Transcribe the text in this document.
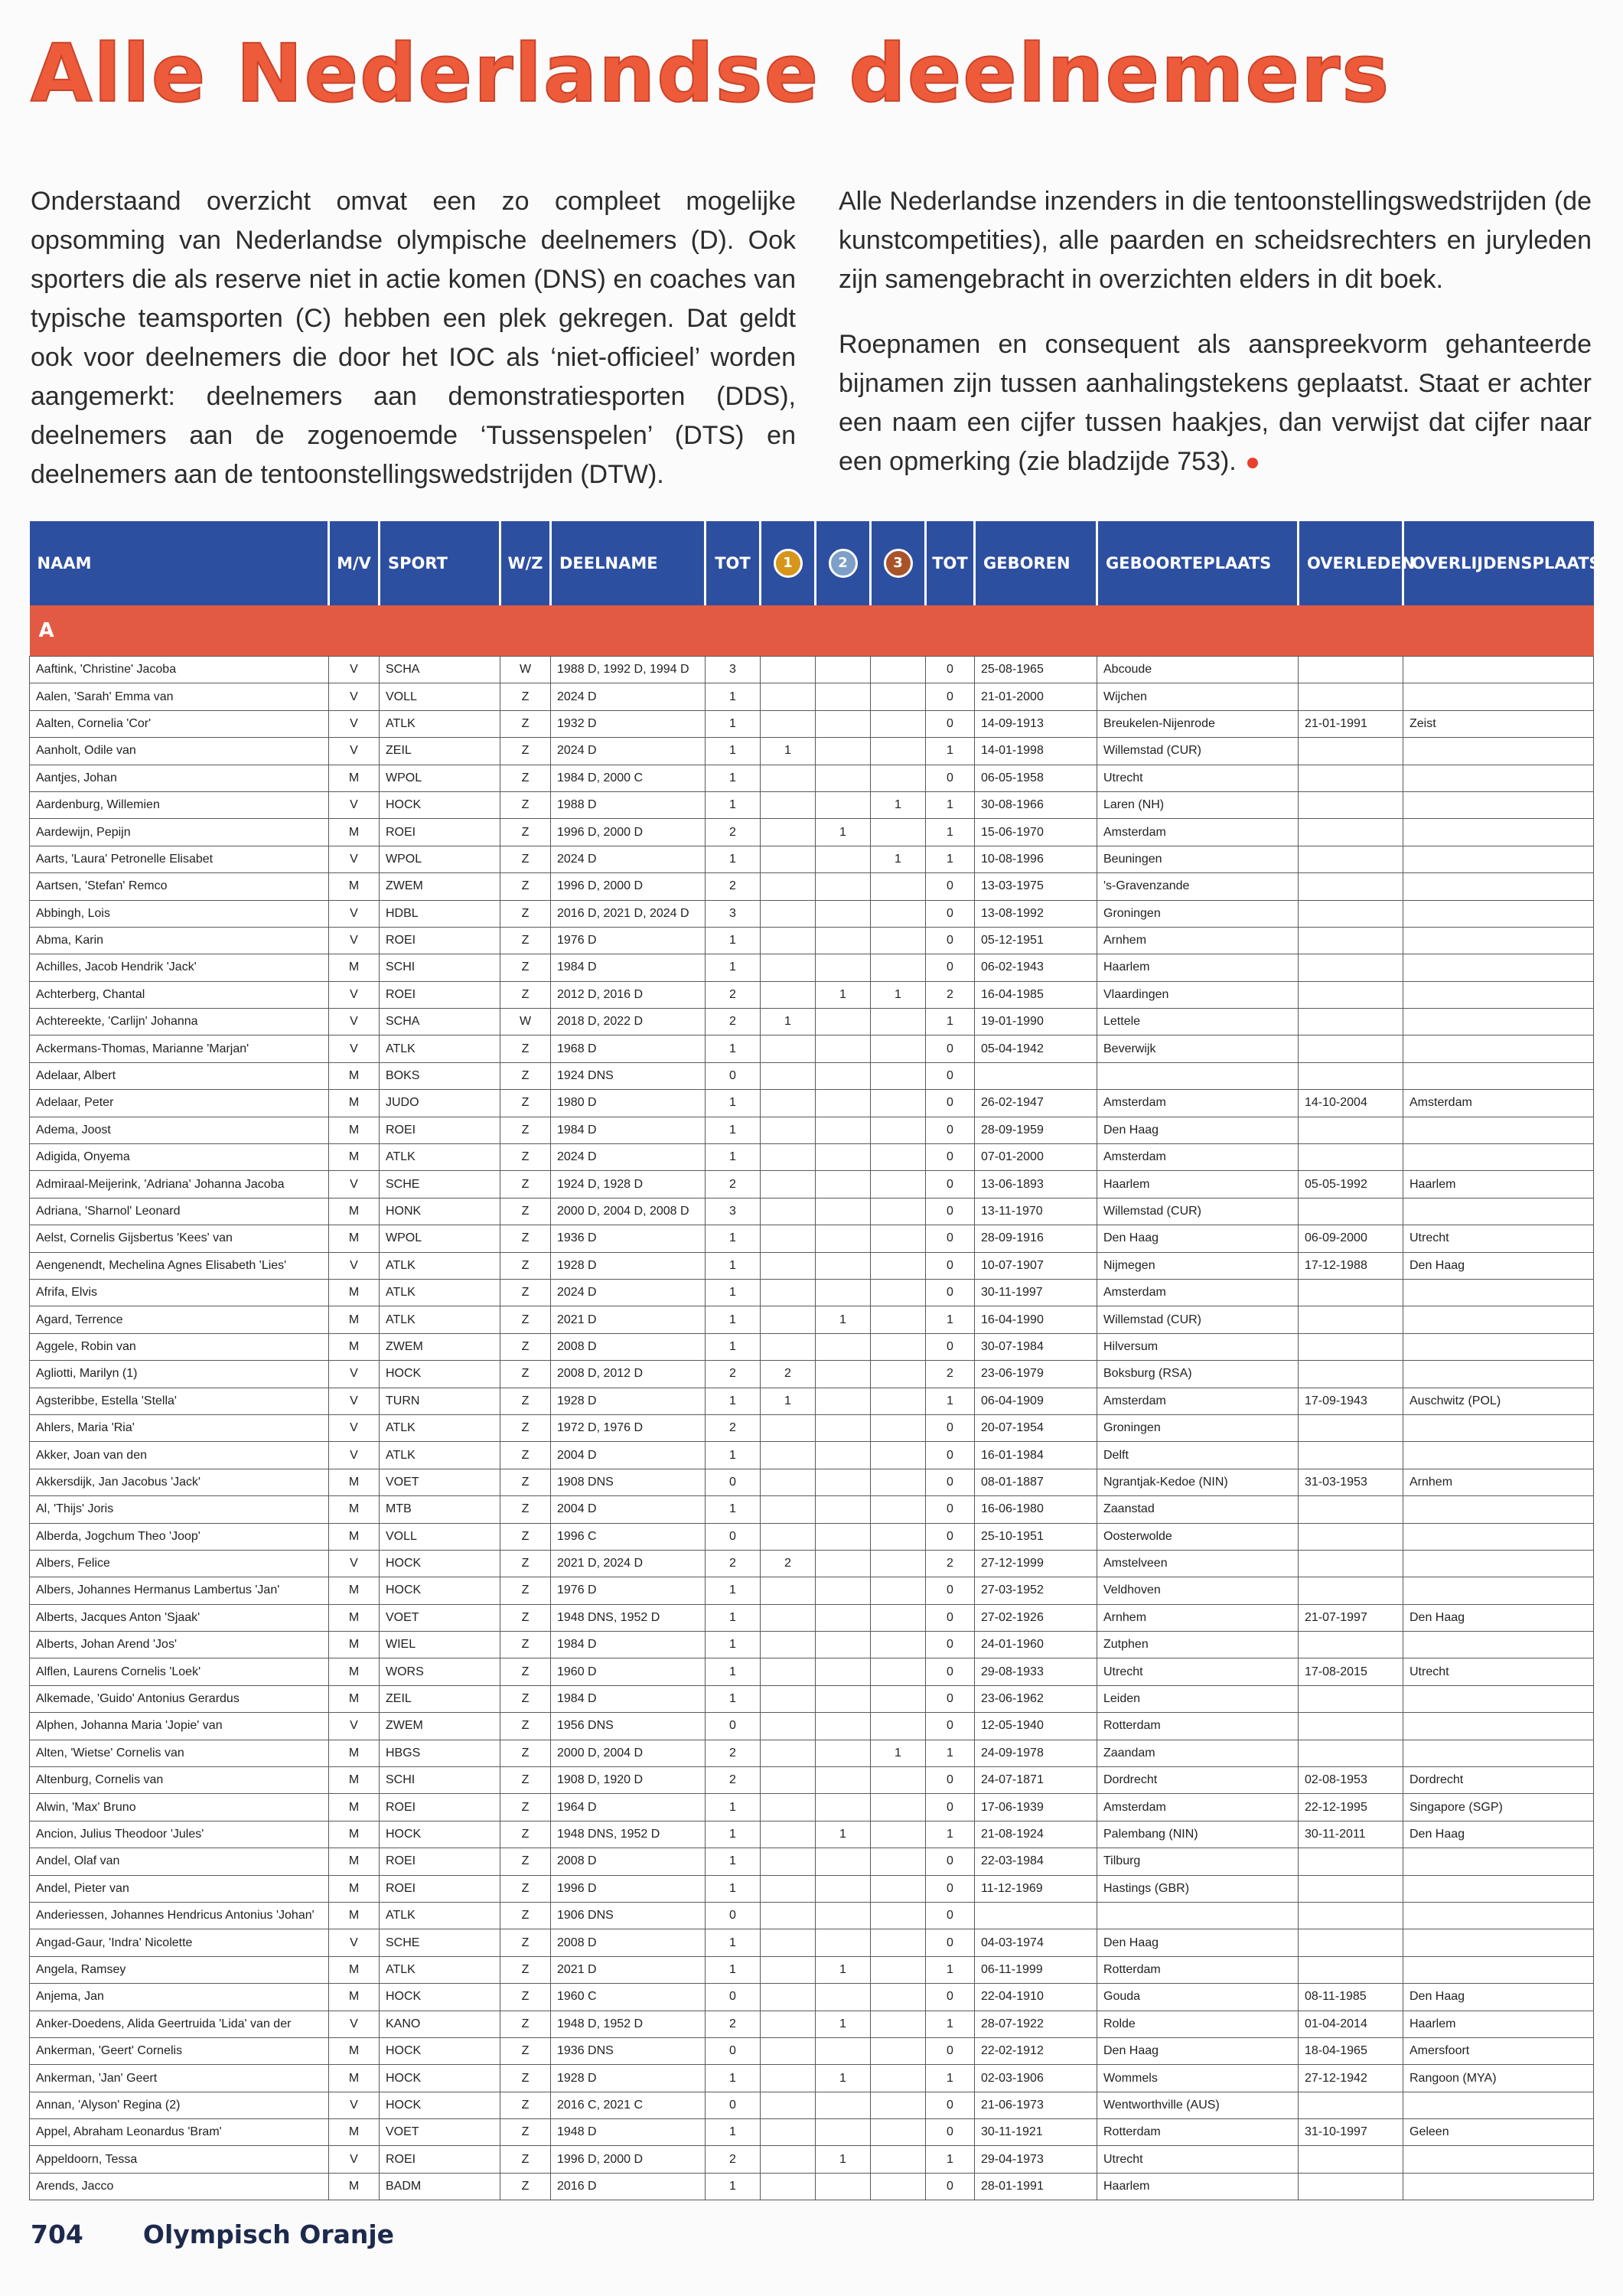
Alle Nederlandse deelnemers

Onderstaand overzicht omvat een zo compleet mogelijke opsomming van Nederlandse olympische deelnemers (D). Ook sporters die als reserve niet in actie komen (DNS) en coaches van typische teamsporten (C) hebben een plek gekregen. Dat geldt ook voor deelnemers die door het IOC als ‘niet-officieel’ worden aangemerkt: deelnemers aan demonstratiesporten (DDS), deelnemers aan de zogenoemde ‘Tussenspelen’ (DTS) en deelnemers aan de tentoonstellingswedstrijden (DTW).

Alle Nederlandse inzenders in die tentoonstellingswedstrijden (de kunstcompetities), alle paarden en scheidsrechters en juryleden zijn samengebracht in overzichten elders in dit boek.

Roepnamen en consequent als aanspreekvorm gehanteerde bijnamen zijn tussen aanhalingstekens geplaatst. Staat er achter een naam een cijfer tussen haakjes, dan verwijst dat cijfer naar een opmerking (zie bladzijde 753).

NAAM	M/V	SPORT	W/Z	DEELNAME	TOT	1	2	3	TOT	GEBOREN	GEBOORTEPLAATS	OVERLEDEN	OVERLIJDENSPLAATS
A													
Aaftink, 'Christine' Jacoba	V	SCHA	W	1988 D, 1992 D, 1994 D	3				0	25-08-1965	Abcoude		
Aalen, 'Sarah' Emma van	V	VOLL	Z	2024 D	1				0	21-01-2000	Wijchen		
Aalten, Cornelia 'Cor'	V	ATLK	Z	1932 D	1				0	14-09-1913	Breukelen-Nijenrode	21-01-1991	Zeist
Aanholt, Odile van	V	ZEIL	Z	2024 D	1	1			1	14-01-1998	Willemstad (CUR)		
Aantjes, Johan	M	WPOL	Z	1984 D, 2000 C	1				0	06-05-1958	Utrecht		
Aardenburg, Willemien	V	HOCK	Z	1988 D	1			1	1	30-08-1966	Laren (NH)		
Aardewijn, Pepijn	M	ROEI	Z	1996 D, 2000 D	2		1		1	15-06-1970	Amsterdam		
Aarts, 'Laura' Petronelle Elisabet	V	WPOL	Z	2024 D	1			1	1	10-08-1996	Beuningen		
Aartsen, 'Stefan' Remco	M	ZWEM	Z	1996 D, 2000 D	2				0	13-03-1975	's-Gravenzande		
Abbingh, Lois	V	HDBL	Z	2016 D, 2021 D, 2024 D	3				0	13-08-1992	Groningen		
Abma, Karin	V	ROEI	Z	1976 D	1				0	05-12-1951	Arnhem		
Achilles, Jacob Hendrik 'Jack'	M	SCHI	Z	1984 D	1				0	06-02-1943	Haarlem		
Achterberg, Chantal	V	ROEI	Z	2012 D, 2016 D	2		1	1	2	16-04-1985	Vlaardingen		
Achtereekte, 'Carlijn' Johanna	V	SCHA	W	2018 D, 2022 D	2	1			1	19-01-1990	Lettele		
Ackermans-Thomas, Marianne 'Marjan'	V	ATLK	Z	1968 D	1				0	05-04-1942	Beverwijk		
Adelaar, Albert	M	BOKS	Z	1924 DNS	0				0				
Adelaar, Peter	M	JUDO	Z	1980 D	1				0	26-02-1947	Amsterdam	14-10-2004	Amsterdam
Adema, Joost	M	ROEI	Z	1984 D	1				0	28-09-1959	Den Haag		
Adigida, Onyema	M	ATLK	Z	2024 D	1				0	07-01-2000	Amsterdam		
Admiraal-Meijerink, 'Adriana' Johanna Jacoba	V	SCHE	Z	1924 D, 1928 D	2				0	13-06-1893	Haarlem	05-05-1992	Haarlem
Adriana, 'Sharnol' Leonard	M	HONK	Z	2000 D, 2004 D, 2008 D	3				0	13-11-1970	Willemstad (CUR)		
Aelst, Cornelis Gijsbertus 'Kees' van	M	WPOL	Z	1936 D	1				0	28-09-1916	Den Haag	06-09-2000	Utrecht
Aengenendt, Mechelina Agnes Elisabeth 'Lies'	V	ATLK	Z	1928 D	1				0	10-07-1907	Nijmegen	17-12-1988	Den Haag
Afrifa, Elvis	M	ATLK	Z	2024 D	1				0	30-11-1997	Amsterdam		
Agard, Terrence	M	ATLK	Z	2021 D	1		1		1	16-04-1990	Willemstad (CUR)		
Aggele, Robin van	M	ZWEM	Z	2008 D	1				0	30-07-1984	Hilversum		
Agliotti, Marilyn (1)	V	HOCK	Z	2008 D, 2012 D	2	2			2	23-06-1979	Boksburg (RSA)		
Agsteribbe, Estella 'Stella'	V	TURN	Z	1928 D	1	1			1	06-04-1909	Amsterdam	17-09-1943	Auschwitz (POL)
Ahlers, Maria 'Ria'	V	ATLK	Z	1972 D, 1976 D	2				0	20-07-1954	Groningen		
Akker, Joan van den	V	ATLK	Z	2004 D	1				0	16-01-1984	Delft		
Akkersdijk, Jan Jacobus 'Jack'	M	VOET	Z	1908 DNS	0				0	08-01-1887	Ngrantjak-Kedoe (NIN)	31-03-1953	Arnhem
Al, 'Thijs' Joris	M	MTB	Z	2004 D	1				0	16-06-1980	Zaanstad		
Alberda, Jogchum Theo 'Joop'	M	VOLL	Z	1996 C	0				0	25-10-1951	Oosterwolde		
Albers, Felice	V	HOCK	Z	2021 D, 2024 D	2	2			2	27-12-1999	Amstelveen		
Albers, Johannes Hermanus Lambertus 'Jan'	M	HOCK	Z	1976 D	1				0	27-03-1952	Veldhoven		
Alberts, Jacques Anton 'Sjaak'	M	VOET	Z	1948 DNS, 1952 D	1				0	27-02-1926	Arnhem	21-07-1997	Den Haag
Alberts, Johan Arend 'Jos'	M	WIEL	Z	1984 D	1				0	24-01-1960	Zutphen		
Alflen, Laurens Cornelis 'Loek'	M	WORS	Z	1960 D	1				0	29-08-1933	Utrecht	17-08-2015	Utrecht
Alkemade, 'Guido' Antonius Gerardus	M	ZEIL	Z	1984 D	1				0	23-06-1962	Leiden		
Alphen, Johanna Maria 'Jopie' van	V	ZWEM	Z	1956 DNS	0				0	12-05-1940	Rotterdam		
Alten, 'Wietse' Cornelis van	M	HBGS	Z	2000 D, 2004 D	2			1	1	24-09-1978	Zaandam		
Altenburg, Cornelis van	M	SCHI	Z	1908 D, 1920 D	2				0	24-07-1871	Dordrecht	02-08-1953	Dordrecht
Alwin, 'Max' Bruno	M	ROEI	Z	1964 D	1				0	17-06-1939	Amsterdam	22-12-1995	Singapore (SGP)
Ancion, Julius Theodoor 'Jules'	M	HOCK	Z	1948 DNS, 1952 D	1		1		1	21-08-1924	Palembang (NIN)	30-11-2011	Den Haag
Andel, Olaf van	M	ROEI	Z	2008 D	1				0	22-03-1984	Tilburg		
Andel, Pieter van	M	ROEI	Z	1996 D	1				0	11-12-1969	Hastings (GBR)		
Anderiessen, Johannes Hendricus Antonius 'Johan'	M	ATLK	Z	1906 DNS	0				0				
Angad-Gaur, 'Indra' Nicolette	V	SCHE	Z	2008 D	1				0	04-03-1974	Den Haag		
Angela, Ramsey	M	ATLK	Z	2021 D	1		1		1	06-11-1999	Rotterdam		
Anjema, Jan	M	HOCK	Z	1960 C	0				0	22-04-1910	Gouda	08-11-1985	Den Haag
Anker-Doedens, Alida Geertruida 'Lida' van der	V	KANO	Z	1948 D, 1952 D	2		1		1	28-07-1922	Rolde	01-04-2014	Haarlem
Ankerman, 'Geert' Cornelis	M	HOCK	Z	1936 DNS	0				0	22-02-1912	Den Haag	18-04-1965	Amersfoort
Ankerman, 'Jan' Geert	M	HOCK	Z	1928 D	1		1		1	02-03-1906	Wommels	27-12-1942	Rangoon (MYA)
Annan, 'Alyson' Regina (2)	V	HOCK	Z	2016 C, 2021 C	0				0	21-06-1973	Wentworthville (AUS)		
Appel, Abraham Leonardus 'Bram'	M	VOET	Z	1948 D	1				0	30-11-1921	Rotterdam	31-10-1997	Geleen
Appeldoorn, Tessa	V	ROEI	Z	1996 D, 2000 D	2		1		1	29-04-1973	Utrecht		
Arends, Jacco	M	BADM	Z	2016 D	1				0	28-01-1991	Haarlem		
704 Olympisch Oranje
